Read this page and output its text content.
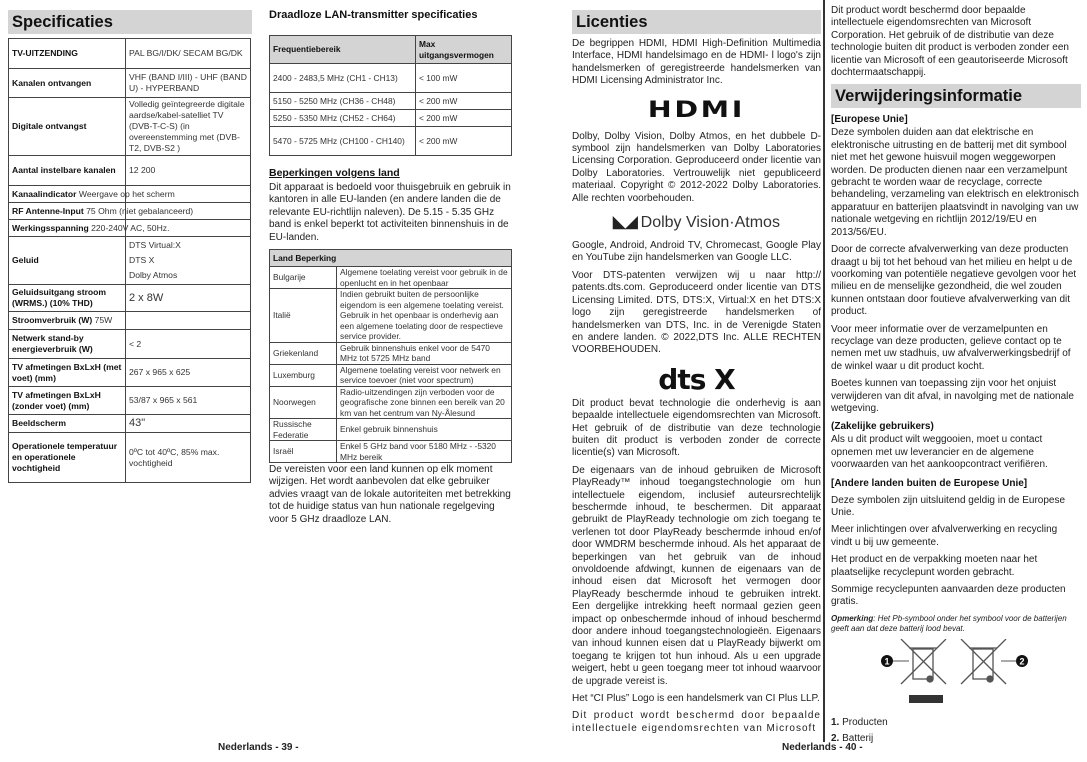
Specificaties
TV-UITZENDING	PAL BG/I/DK/ SECAM BG/DK
Kanalen ontvangen	VHF (BAND I/III) - UHF (BAND U) - HYPERBAND
Digitale ontvangst	Volledig geïntegreerde digitale aardse/kabel-satelliet TV (DVB-T-C-S) (in overeenstemming met (DVB-T2, DVB-S2 )
Aantal instelbare kanalen	12 200
Kanaalindicator Weergave op het scherm	
RF Antenne-Input 75 Ohm (niet gebalanceerd)	
Werkingsspanning 220-240V AC, 50Hz.	
Geluid	DTS Virtual:X
DTS X
Dolby Atmos

Geluidsuitgang stroom (WRMS.) (10% THD)	2 x 8W
Stroomverbruik (W) 75W	
Netwerk stand-by energieverbruik (W)	< 2
TV afmetingen BxLxH (met voet) (mm)	267 x 965 x 625
TV afmetingen BxLxH (zonder voet) (mm)	53/87 x 965 x 561
Beeldscherm	43"
Operationele temperatuur en operationele vochtigheid	0ºC tot 40ºC, 85% max. vochtigheid
Draadloze LAN-transmitter specificaties
Frequentiebereik	Max uitgangsvermogen
2400 - 2483,5 MHz (CH1 - CH13)	< 100 mW
5150 - 5250 MHz (CH36 - CH48)	< 200 mW
5250 - 5350 MHz (CH52 - CH64)	< 200 mW
5470 - 5725 MHz (CH100 - CH140)	< 200 mW
Beperkingen volgens land

Dit apparaat is bedoeld voor thuisgebruik en gebruik in kantoren in alle EU-landen (en andere landen die de relevante EU-richtlijn naleven). De 5.15 - 5.35 GHz band is enkel beperkt tot activiteiten binnenshuis in de EU-landen.

Land Beperking	
Bulgarije	Algemene toelating vereist voor gebruik in de openlucht en in het openbaar
Italië	Indien gebruikt buiten de persoonlijke eigendom is een algemene toelating vereist. Gebruik in het openbaar is onderhevig aan een algemene toelating door de respectieve service provider.
Griekenland	Gebruik binnenshuis enkel voor de 5470 MHz tot 5725 MHz band
Luxemburg	Algemene toelating vereist voor netwerk en service toevoer (niet voor spectrum)
Noorwegen	Radio-uitzendingen zijn verboden voor de geografische zone binnen een bereik van 20 km van het centrum van Ny-Ålesund
Russische Federatie	Enkel gebruik binnenshuis
Israël	Enkel 5 GHz band voor 5180 MHz - -5320 MHz bereik

De vereisten voor een land kunnen op elk moment wijzigen. Het wordt aanbevolen dat elke gebruiker advies vraagt van de lokale autoriteiten met betrekking tot de huidige status van hun nationale regelgeving voor 5 GHz draadloze LAN.

Nederlands - 39 -
Licenties

De begrippen HDMI, HDMI High-Definition Multimedia Interface, HDMI handelsimago en de HDMI- l logo's zijn handelsmerken of geregistreerde handelsmerken van HDMI Licensing Administrator Inc.

HDMI

Dolby, Dolby Vision, Dolby Atmos, en het dubbele D-symbool zijn handelsmerken van Dolby Laboratories Licensing Corporation. Geproduceerd onder licentie van Dolby Laboratories. Vertrouwelijk niet gepubliceerd materiaal. Copyright © 2012-2022 Dolby Laboratories. Alle rechten voorbehouden.

◣◢ Dolby Vision·Atmos

Google, Android, Android TV, Chromecast, Google Play en YouTube zijn handelsmerken van Google LLC.

Voor DTS-patenten verwijzen wij u naar http:// patents.dts.com. Geproduceerd onder licentie van DTS Licensing Limited. DTS, DTS:X, Virtual:X en het DTS:X logo zijn geregistreerde handelsmerken of handelsmerken van DTS, Inc. in de Verenigde Staten en andere landen. © 2022,DTS Inc. ALLE RECHTEN VOORBEHOUDEN.

dts X

Dit product bevat technologie die onderhevig is aan bepaalde intellectuele eigendomsrechten van Microsoft. Het gebruik of de distributie van deze technologie buiten dit product is verboden zonder de correcte licentie(s) van Microsoft.

De eigenaars van de inhoud gebruiken de Microsoft PlayReady™ inhoud toegangstechnologie om hun intellectuele eigendom, inclusief auteursrechtelijk beschermde inhoud, te beschermen. Dit apparaat gebruikt de PlayReady technologie om zich toegang te verlenen tot door PlayReady beschermde inhoud en/of door WMDRM beschermde inhoud. Als het apparaat de beperkingen van het gebruik van de inhoud onvoldoende afdwingt, kunnen de eigenaars van de inhoud eisen dat Microsoft het vermogen door PlayReady beschermde inhoud te gebruiken intrekt. Een dergelijke intrekking heeft normaal gezien geen impact op onbeschermde inhoud of inhoud beschermd door andere inhoud toegangstechnologieën. Eigenaars van inhoud kunnen eisen dat u PlayReady bijwerkt om toegang te krijgen tot hun inhoud. Als u een upgrade weigert, hebt u geen toegang meer tot inhoud waarvoor de upgrade vereist is.

Het “CI Plus” Logo is een handelsmerk van CI Plus LLP.

Dit product wordt beschermd door bepaalde intellectuele eigendomsrechten van Microsoft

Nederlands - 40 -

Dit product wordt beschermd door bepaalde intellectuele eigendomsrechten van Microsoft Corporation. Het gebruik of de distributie van deze technologie buiten dit product is verboden zonder een licentie van Microsoft of een geautoriseerde Microsoft dochtermaatschappij.

Verwijderingsinformatie
[Europese Unie]

Deze symbolen duiden aan dat elektrische en elektronische uitrusting en de batterij met dit symbool niet met het gewone huisvuil mogen weggeworpen worden. De producten dienen naar een verzamelpunt gebracht te worden waar de recyclage, correcte behandeling, verzameling van elektrisch en elektronisch apparatuur en batterijen plaatsvindt in navolging van uw nationale wetgeving en richtlijn 2012/19/EU en 2013/56/EU.

Door de correcte afvalverwerking van deze producten draagt u bij tot het behoud van het milieu en helpt u de voorkoming van potentiële negatieve gevolgen voor het milieu en de menselijke gezondheid, die wel zouden kunnen ontstaan door foutieve afvalverwerking van dit product.

Voor meer informatie over de verzamelpunten en recyclage van deze producten, gelieve contact op te nemen met uw stadhuis, uw afvalverwerkingsbedrijf of de winkel waar u dit product kocht.

Boetes kunnen van toepassing zijn voor het onjuist verwijderen van dit afval, in navolging met de nationale wetgeving.

(Zakelijke gebruikers)

Als u dit product wilt weggooien, moet u contact opnemen met uw leverancier en de algemene voorwaarden van het aankoopcontract verifiëren.

[Andere landen buiten de Europese Unie]

Deze symbolen zijn uitsluitend geldig in de Europese Unie.

Meer inlichtingen over afvalverwerking en recycling vindt u bij uw gemeente.

Het product en de verpakking moeten naar het plaatselijke recyclepunt worden gebracht.

Sommige recyclepunten aanvaarden deze producten gratis.

Opmerking: Het Pb-symbool onder het symbool voor de batterijen geeft aan dat deze batterij lood bevat.

1	2
1. Producten
2. Batterij
